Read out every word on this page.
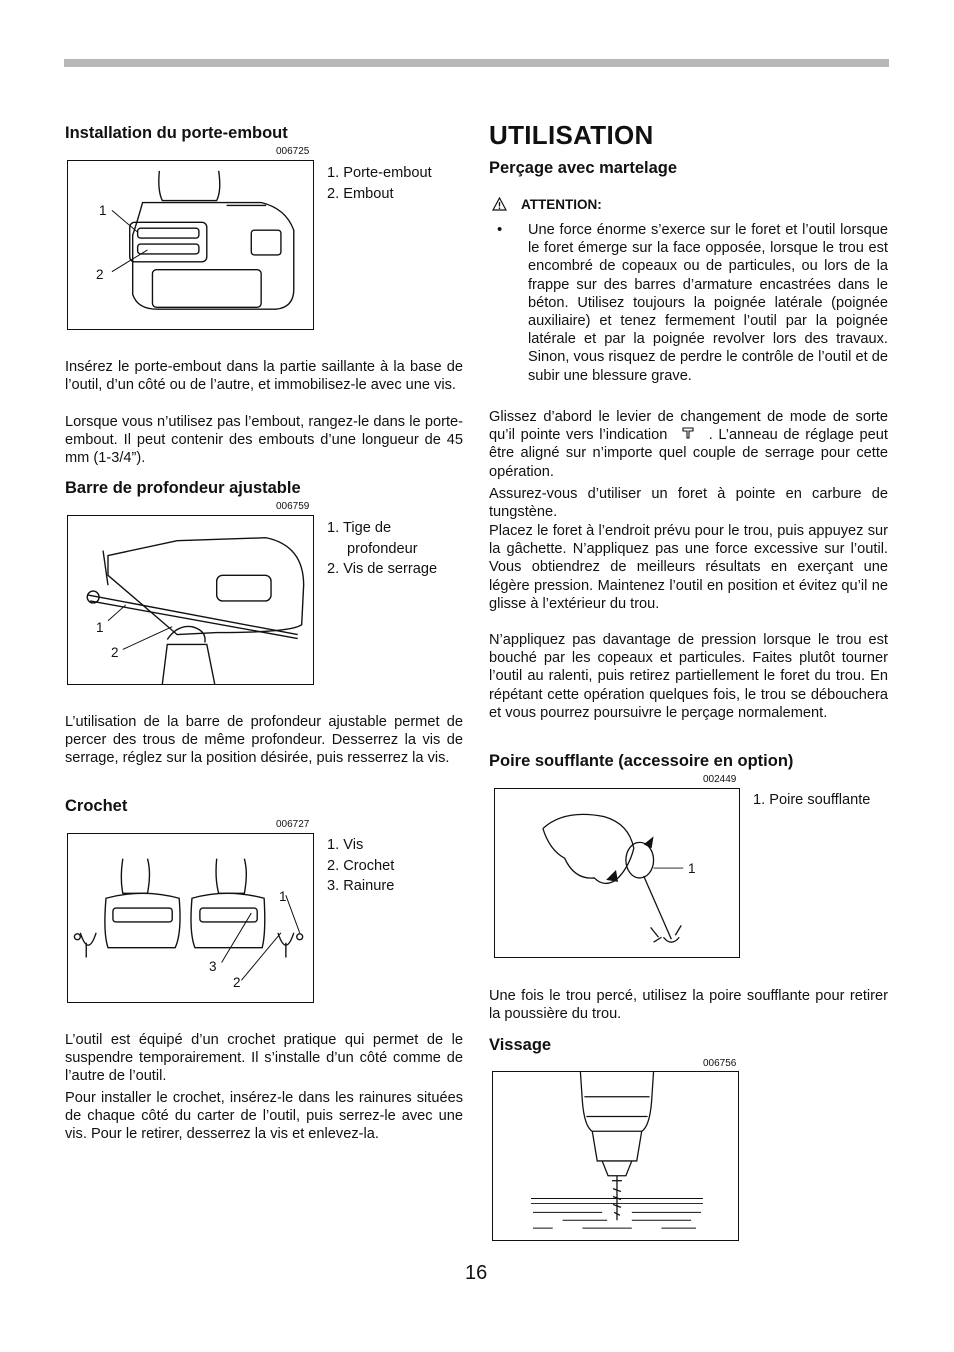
Installation du porte-embout
006725
1
2
1. Porte-embout
2. Embout
Insérez le porte-embout dans la partie saillante à la base de l’outil, d’un côté ou de l’autre, et immobilisez-le avec une vis.
Lorsque vous n’utilisez pas l’embout, rangez-le dans le porte-embout. Il peut contenir des embouts d’une longueur de 45 mm (1-3/4”).
Barre de profondeur ajustable
006759
1
2
1. Tige de
profondeur
2. Vis de serrage
L’utilisation de la barre de profondeur ajustable permet de percer des trous de même profondeur. Desserrez la vis de serrage, réglez sur la position désirée, puis resserrez la vis.
Crochet
006727
1
3
2
1. Vis
2. Crochet
3. Rainure
L’outil est équipé d’un crochet pratique qui permet de le suspendre temporairement. Il s’installe d’un côté comme de l’autre de l’outil.
Pour installer le crochet, insérez-le dans les rainures situées de chaque côté du carter de l’outil, puis serrez-le avec une vis. Pour le retirer, desserrez la vis et enlevez-la.
UTILISATION
Perçage avec martelage
ATTENTION:
• Une force énorme s’exerce sur le foret et l’outil lorsque le foret émerge sur la face opposée, lorsque le trou est encombré de copeaux ou de particules, ou lors de la frappe sur des barres d’armature encastrées dans le béton. Utilisez toujours la poignée latérale (poignée auxiliaire) et tenez fermement l’outil par la poignée latérale et par la poignée revolver lors des travaux. Sinon, vous risquez de perdre le contrôle de l’outil et de subir une blessure grave.
Glissez d’abord le levier de changement de mode de sorte qu’il pointe vers l’indication	. L’anneau de réglage peut être aligné sur n’importe quel couple de serrage pour cette opération.
Assurez-vous d’utiliser un foret à pointe en carbure de tungstène.
Placez le foret à l’endroit prévu pour le trou, puis appuyez sur la gâchette. N’appliquez pas une force excessive sur l’outil. Vous obtiendrez de meilleurs résultats en exerçant une légère pression. Maintenez l’outil en position et évitez qu’il ne glisse à l’extérieur du trou.
N’appliquez pas davantage de pression lorsque le trou est bouché par les copeaux et particules. Faites plutôt tourner l’outil au ralenti, puis retirez partiellement le foret du trou. En répétant cette opération quelques fois, le trou se débouchera et vous pourrez poursuivre le perçage normalement.
Poire soufflante (accessoire en option)
002449
1
1. Poire soufflante
Une fois le trou percé, utilisez la poire soufflante pour retirer la poussière du trou.
Vissage
006756
16
